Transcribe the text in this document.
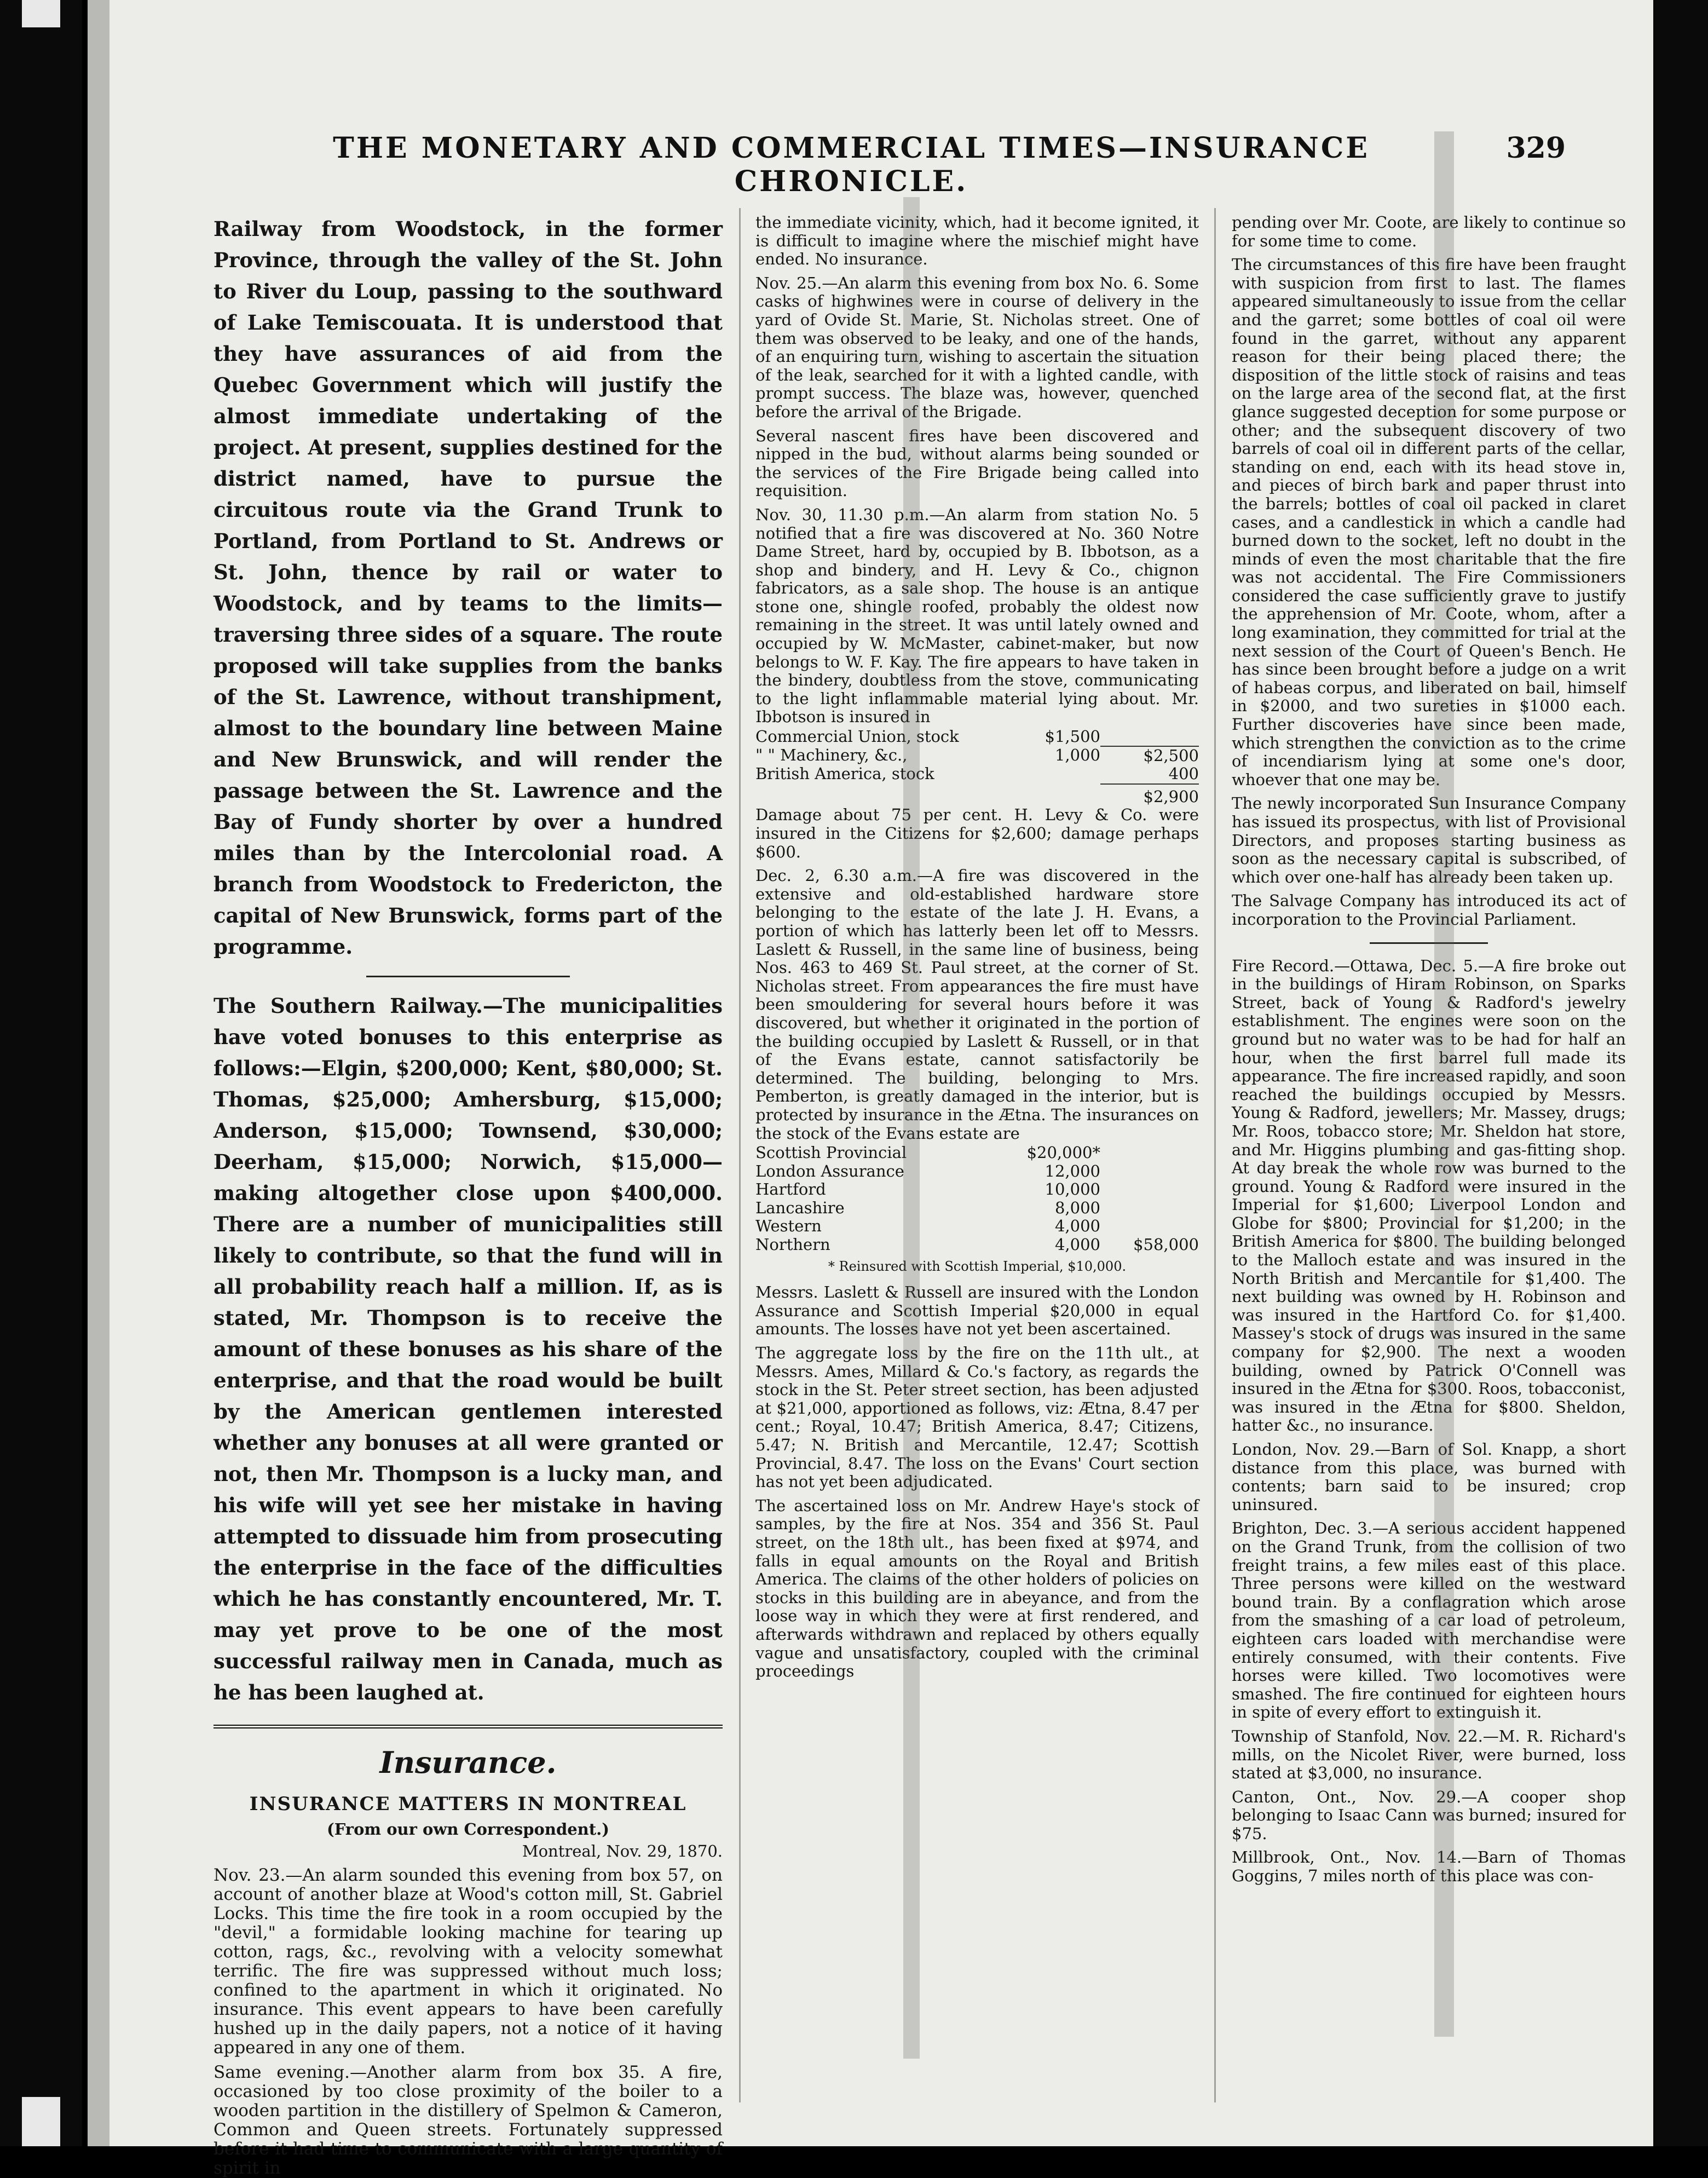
THE MONETARY AND COMMERCIAL TIMES—INSURANCE CHRONICLE.
329

Railway from Woodstock, in the former Province, through the valley of the St. John to River du Loup, passing to the southward of Lake Temiscouata. It is understood that they have assurances of aid from the Quebec Government which will justify the almost immediate undertaking of the project. At present, supplies destined for the district named, have to pursue the circuitous route via the Grand Trunk to Portland, from Portland to St. Andrews or St. John, thence by rail or water to Woodstock, and by teams to the limits—traversing three sides of a square. The route proposed will take supplies from the banks of the St. Lawrence, without transhipment, almost to the boundary line between Maine and New Brunswick, and will render the passage between the St. Lawrence and the Bay of Fundy shorter by over a hundred miles than by the Intercolonial road. A branch from Woodstock to Fredericton, the capital of New Brunswick, forms part of the programme.

The Southern Railway.—The municipalities have voted bonuses to this enterprise as follows:—Elgin, $200,000; Kent, $80,000; St. Thomas, $25,000; Amhersburg, $15,000; Anderson, $15,000; Townsend, $30,000; Deerham, $15,000; Norwich, $15,000—making altogether close upon $400,000. There are a number of municipalities still likely to contribute, so that the fund will in all probability reach half a million. If, as is stated, Mr. Thompson is to receive the amount of these bonuses as his share of the enterprise, and that the road would be built by the American gentlemen interested whether any bonuses at all were granted or not, then Mr. Thompson is a lucky man, and his wife will yet see her mistake in having attempted to dissuade him from prosecuting the enterprise in the face of the difficulties which he has constantly encountered, Mr. T. may yet prove to be one of the most successful railway men in Canada, much as he has been laughed at.

Insurance.
INSURANCE MATTERS IN MONTREAL
(From our own Correspondent.)
Montreal, Nov. 29, 1870.

Nov. 23.—An alarm sounded this evening from box 57, on account of another blaze at Wood's cotton mill, St. Gabriel Locks. This time the fire took in a room occupied by the "devil," a formidable looking machine for tearing up cotton, rags, &c., revolving with a velocity somewhat terrific. The fire was suppressed without much loss; confined to the apartment in which it originated. No insurance. This event appears to have been carefully hushed up in the daily papers, not a notice of it having appeared in any one of them.

Same evening.—Another alarm from box 35. A fire, occasioned by too close proximity of the boiler to a wooden partition in the distillery of Spelmon & Cameron, Common and Queen streets. Fortunately suppressed before it had time to communicate with a large quantity of spirit in

the immediate vicinity, which, had it become ignited, it is difficult to imagine where the mischief might have ended. No insurance.

Nov. 25.—An alarm this evening from box No. 6. Some casks of highwines were in course of delivery in the yard of Ovide St. Marie, St. Nicholas street. One of them was observed to be leaky, and one of the hands, of an enquiring turn, wishing to ascertain the situation of the leak, searched for it with a lighted candle, with prompt success. The blaze was, however, quenched before the arrival of the Brigade.

Several nascent fires have been discovered and nipped in the bud, without alarms being sounded or the services of the Fire Brigade being called into requisition.

Nov. 30, 11.30 p.m.—An alarm from station No. 5 notified that a fire was discovered at No. 360 Notre Dame Street, hard by, occupied by B. Ibbotson, as a shop and bindery, and H. Levy & Co., chignon fabricators, as a sale shop. The house is an antique stone one, shingle roofed, probably the oldest now remaining in the street. It was until lately owned and occupied by W. McMaster, cabinet-maker, but now belongs to W. F. Kay. The fire appears to have taken in the bindery, doubtless from the stove, communicating to the light inflammable material lying about. Mr. Ibbotson is insured in

Commercial Union, stock	$1,500	
" " Machinery, &c.,	1,000	$2,500
British America, stock		400
		$2,900

Damage about 75 per cent. H. Levy & Co. were insured in the Citizens for $2,600; damage perhaps $600.

Dec. 2, 6.30 a.m.—A fire was discovered in the extensive and old-established hardware store belonging to the estate of the late J. H. Evans, a portion of which has latterly been let off to Messrs. Laslett & Russell, in the same line of business, being Nos. 463 to 469 St. Paul street, at the corner of St. Nicholas street. From appearances the fire must have been smouldering for several hours before it was discovered, but whether it originated in the portion of the building occupied by Laslett & Russell, or in that of the Evans estate, cannot satisfactorily be determined. The building, belonging to Mrs. Pemberton, is greatly damaged in the interior, but is protected by insurance in the Ætna. The insurances on the stock of the Evans estate are

Scottish Provincial	$20,000*	
London Assurance	12,000	
Hartford	10,000	
Lancashire	8,000	
Western	4,000	
Northern	4,000	$58,000
* Reinsured with Scottish Imperial, $10,000.

Messrs. Laslett & Russell are insured with the London Assurance and Scottish Imperial $20,000 in equal amounts. The losses have not yet been ascertained.

The aggregate loss by the fire on the 11th ult., at Messrs. Ames, Millard & Co.'s factory, as regards the stock in the St. Peter street section, has been adjusted at $21,000, apportioned as follows, viz: Ætna, 8.47 per cent.; Royal, 10.47; British America, 8.47; Citizens, 5.47; N. British and Mercantile, 12.47; Scottish Provincial, 8.47. The loss on the Evans' Court section has not yet been adjudicated.

The ascertained loss on Mr. Andrew Haye's stock of samples, by the fire at Nos. 354 and 356 St. Paul street, on the 18th ult., has been fixed at $974, and falls in equal amounts on the Royal and British America. The claims of the other holders of policies on stocks in this building are in abeyance, and from the loose way in which they were at first rendered, and afterwards withdrawn and replaced by others equally vague and unsatisfactory, coupled with the criminal proceedings

pending over Mr. Coote, are likely to continue so for some time to come.

The circumstances of this fire have been fraught with suspicion from first to last. The flames appeared simultaneously to issue from the cellar and the garret; some bottles of coal oil were found in the garret, without any apparent reason for their being placed there; the disposition of the little stock of raisins and teas on the large area of the second flat, at the first glance suggested deception for some purpose or other; and the subsequent discovery of two barrels of coal oil in different parts of the cellar, standing on end, each with its head stove in, and pieces of birch bark and paper thrust into the barrels; bottles of coal oil packed in claret cases, and a candlestick in which a candle had burned down to the socket, left no doubt in the minds of even the most charitable that the fire was not accidental. The Fire Commissioners considered the case sufficiently grave to justify the apprehension of Mr. Coote, whom, after a long examination, they committed for trial at the next session of the Court of Queen's Bench. He has since been brought before a judge on a writ of habeas corpus, and liberated on bail, himself in $2000, and two sureties in $1000 each. Further discoveries have since been made, which strengthen the conviction as to the crime of incendiarism lying at some one's door, whoever that one may be.

The newly incorporated Sun Insurance Company has issued its prospectus, with list of Provisional Directors, and proposes starting business as soon as the necessary capital is subscribed, of which over one-half has already been taken up.

The Salvage Company has introduced its act of incorporation to the Provincial Parliament.

Fire Record.—Ottawa, Dec. 5.—A fire broke out in the buildings of Hiram Robinson, on Sparks Street, back of Young & Radford's jewelry establishment. The engines were soon on the ground but no water was to be had for half an hour, when the first barrel full made its appearance. The fire increased rapidly, and soon reached the buildings occupied by Messrs. Young & Radford, jewellers; Mr. Massey, drugs; Mr. Roos, tobacco store; Mr. Sheldon hat store, and Mr. Higgins plumbing and gas-fitting shop. At day break the whole row was burned to the ground. Young & Radford were insured in the Imperial for $1,600; Liverpool London and Globe for $800; Provincial for $1,200; in the British America for $800. The building belonged to the Malloch estate and was insured in the North British and Mercantile for $1,400. The next building was owned by H. Robinson and was insured in the Hartford Co. for $1,400. Massey's stock of drugs was insured in the same company for $2,900. The next a wooden building, owned by Patrick O'Connell was insured in the Ætna for $300. Roos, tobacconist, was insured in the Ætna for $800. Sheldon, hatter &c., no insurance.

London, Nov. 29.—Barn of Sol. Knapp, a short distance from this place, was burned with contents; barn said to be insured; crop uninsured.

Brighton, Dec. 3.—A serious accident happened on the Grand Trunk, from the collision of two freight trains, a few miles east of this place. Three persons were killed on the westward bound train. By a conflagration which arose from the smashing of a car load of petroleum, eighteen cars loaded with merchandise were entirely consumed, with their contents. Five horses were killed. Two locomotives were smashed. The fire continued for eighteen hours in spite of every effort to extinguish it.

Township of Stanfold, Nov. 22.—M. R. Richard's mills, on the Nicolet River, were burned, loss stated at $3,000, no insurance.

Canton, Ont., Nov. 29.—A cooper shop belonging to Isaac Cann was burned; insured for $75.

Millbrook, Ont., Nov. 14.—Barn of Thomas Goggins, 7 miles north of this place was con-
